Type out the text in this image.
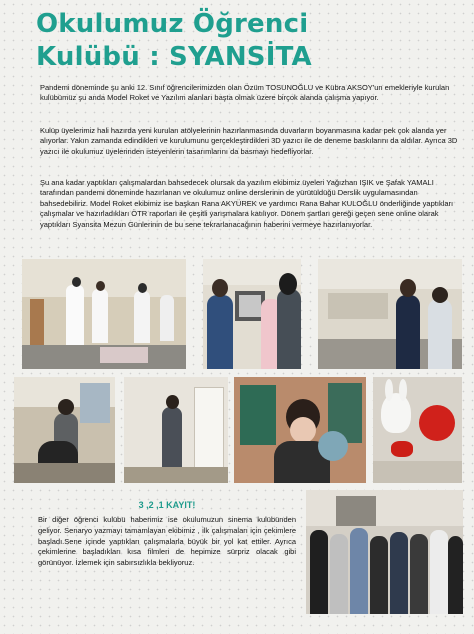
Okulumuz Öğrenci
Kulübü : SYANSİTA

Pandemi döneminde şu anki 12. Sınıf öğrencilerimizden olan Özüm TOSUNOĞLU ve Kübra AKSOY'un emekleriyle kurulan kulübümüz şu anda Model Roket ve Yazılım alanları başta olmak üzere birçok alanda çalışma yapıyor.

Kulüp üyelerimiz hali hazırda yeni kurulan atölyelerinin hazırlanmasında duvarların boyanmasına kadar pek çok alanda yer alıyorlar. Yakın zamanda edindikleri ve kurulumunu gerçekleştirdikleri 3D yazıcı ile de deneme baskılarını da aldılar. Ayrıca 3D yazıcı ile okulumuz üyelerinden isteyenlerin tasarımlarını da basmayı hedefliyorlar.

Şu ana kadar yaptıkları çalışmalardan bahsedecek olursak da yazılım ekibimiz üyeleri Yağızhan IŞIK ve Şafak YAMALI tarafından pandemi döneminde hazırlanan ve okulumuz online derslerinin de yürütüldüğü Derslik uygulamasından bahsedebiliriz. Model Roket ekibimiz ise başkan Rana AKYÜREK ve yardımcı Rana Bahar KULOĞLU önderliğinde yaptıkları çalışmalar ve hazırladıkları ÖTR raporları ile çeşitli yarışmalara katılıyor. Dönem şartları gereği geçen sene online olarak yaptıkları Syansita Mezun Günlerinin de bu sene tekrarlanacağının haberini vermeye hazırlanıyorlar.

3 ,2 ,1 KAYIT!

Bir diğer öğrenci kulübü haberimiz ise okulumuzun sinema kulübünden geliyor. Senaryo yazmayı tamamlayan ekibimiz , ilk çalışmaları için çekimlere başladı.Sene içinde yaptıkları çalışmalarla büyük bir yol kat ettiler. Ayrıca çekimlerine başladıkları kısa filmleri de hepimize sürpriz olacak gibi görünüyor. İzlemek için sabırsızlıkla bekliyoruz.
